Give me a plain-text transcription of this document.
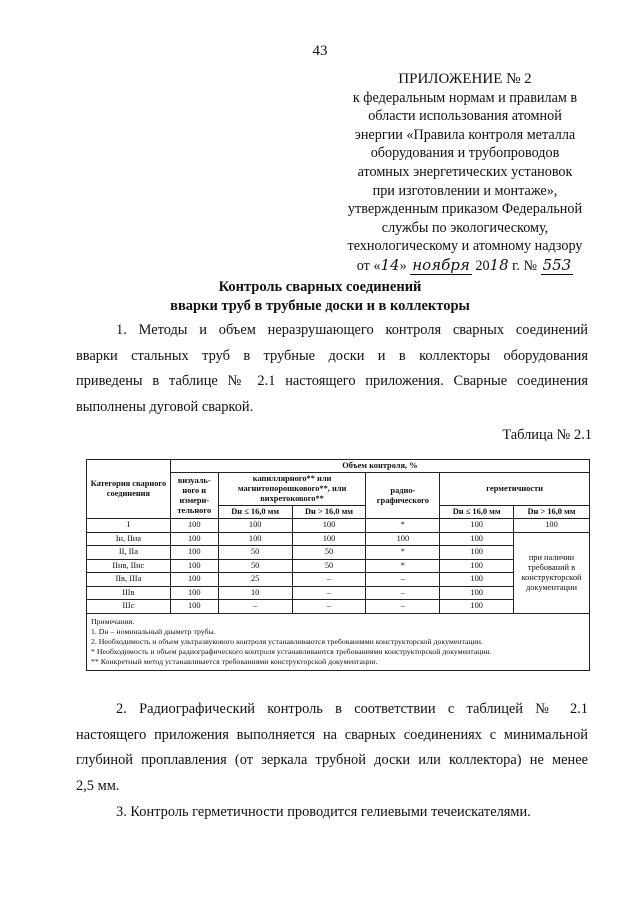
43
ПРИЛОЖЕНИЕ № 2
к федеральным нормам и правилам в
области использования атомной
энергии «Правила контроля металла
оборудования и трубопроводов
атомных энергетических установок
при изготовлении и монтаже»,
утвержденным приказом Федеральной
службы по экологическому,
технологическому и атомному надзору
от «14» ноября 2018 г. № 553
Контроль сварных соединений
вварки труб в трубные доски и в коллекторы
1. Методы и объем неразрушающего контроля сварных соединений
вварки стальных труб в трубные доски и в коллекторы оборудования
приведены в таблице № 2.1 настоящего приложения. Сварные соединения
выполнены дуговой сваркой.
Таблица № 2.1
Категория сварного соединения	Объем контроля, %					
	визуаль-ного и измери-тельного	капиллярного** или магнитопорошкового**, или вихретокового**		радио-графического	герметичности	
		Dн ≤ 16,0 мм	Dн > 16,0 мм		Dн ≤ 16,0 мм	Dн > 16,0 мм
I	100	100	100	*	100	100
Iн, IIнa	100	100	100	100	100	при наличии требований в конструкторской документации
II, IIa	100	50	50	*	100	
IIнв, IIнс	100	50	50	*	100	
IIв, IIIa	100	25	–	–	100	
IIIв	100	10	–	–	100	
IIIс	100	–	–	–	100	

Примечания.
1. Dн – номинальный диаметр трубы.
2. Необходимость и объем ультразвукового контроля устанавливаются требованиями конструкторской документации.
* Необходимость и объем радиографического контроля устанавливаются требованиями конструкторской документации.
** Конкретный метод устанавливается требованиями конструкторской документации.						
2. Радиографический контроль в соответствии с таблицей № 2.1
настоящего приложения выполняется на сварных соединениях с минимальной
глубиной проплавления (от зеркала трубной доски или коллектора) не менее
2,5 мм.
3. Контроль герметичности проводится гелиевыми течеискателями.
